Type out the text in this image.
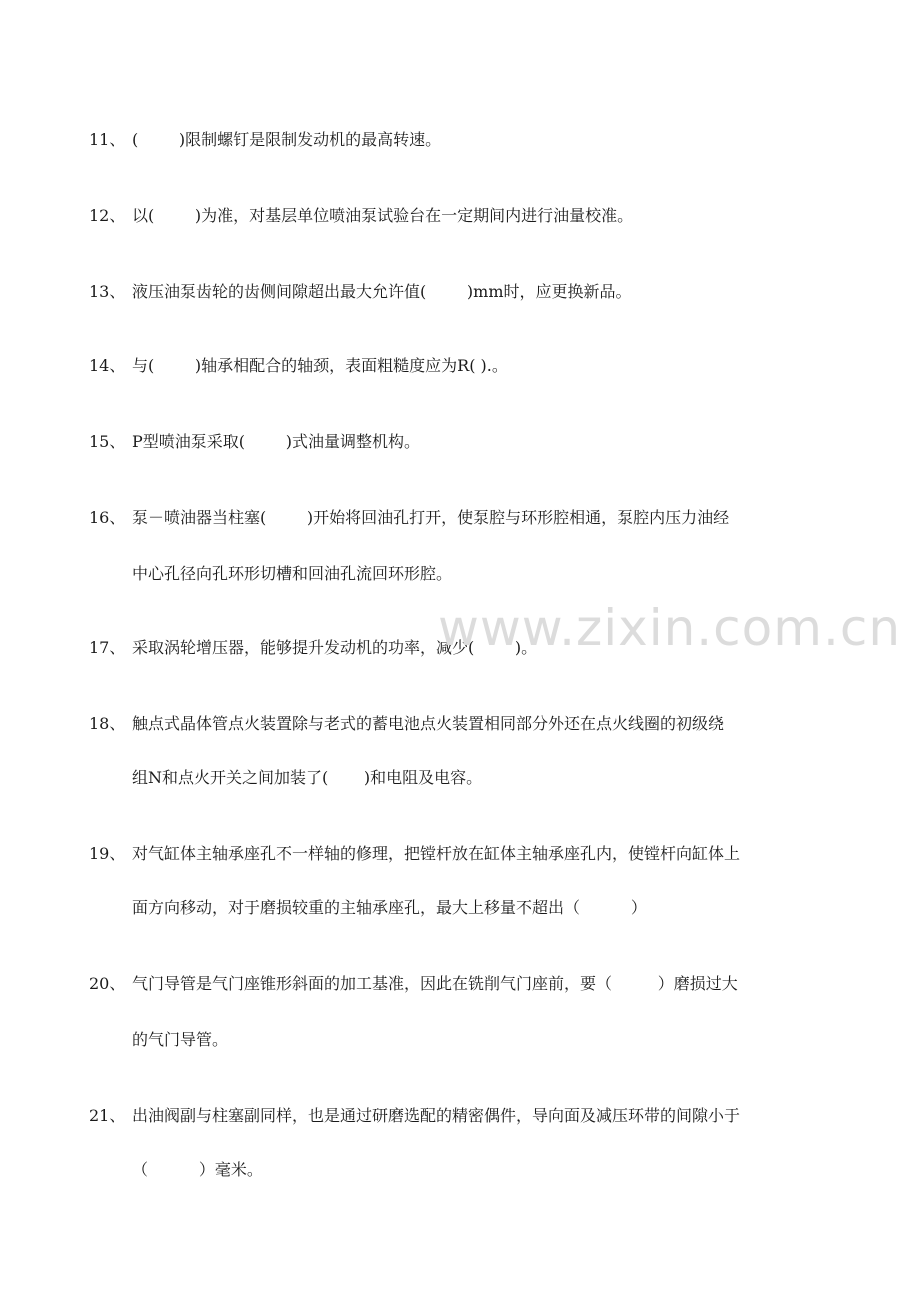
11、

(        )限制螺钉是限制发动机的最高转速。

12、

以(        )为准，对基层单位喷油泵试验台在一定期间内进行油量校准。

13、

液压油泵齿轮的齿侧间隙超出最大允许值(        )mm时，应更换新品。

14、

与(        )轴承相配合的轴颈，表面粗糙度应为R( ).。

15、

P型喷油泵采取(        )式油量调整机构。

16、

泵－喷油器当柱塞(        )开始将回油孔打开，使泵腔与环形腔相通，泵腔内压力油经

中心孔径向孔环形切槽和回油孔流回环形腔。

17、

采取涡轮增压器，能够提升发动机的功率，减少(        )。

18、

触点式晶体管点火装置除与老式的蓄电池点火装置相同部分外还在点火线圈的初级绕

组N和点火开关之间加装了(       )和电阻及电容。

19、

对气缸体主轴承座孔不一样轴的修理，把镗杆放在缸体主轴承座孔内，使镗杆向缸体上

面方向移动，对于磨损较重的主轴承座孔，最大上移量不超出（          ）

20、

气门导管是气门座锥形斜面的加工基准，因此在铣削气门座前，要（         ）磨损过大

的气门导管。

21、

出油阀副与柱塞副同样，也是通过研磨选配的精密偶件，导向面及减压环带的间隙小于

（          ）毫米。

www.zixin.com.cn
